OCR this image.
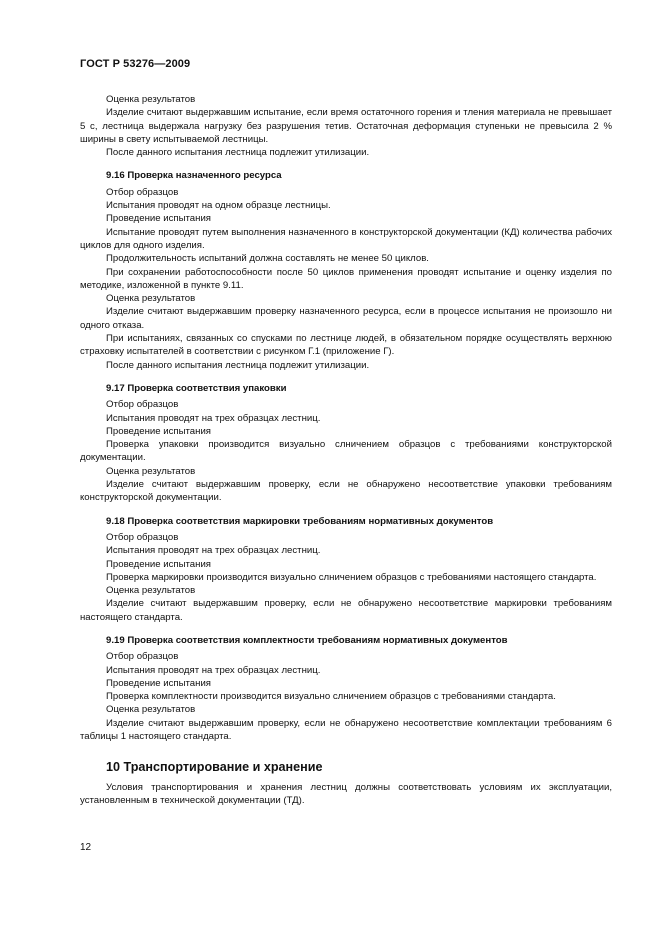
ГОСТ Р 53276—2009

Оценка результатов

Изделие считают выдержавшим испытание, если время остаточного горения и тления материала не превышает 5 с, лестница выдержала нагрузку без разрушения тетив. Остаточная деформация ступеньки не превысила 2 % ширины в свету испытываемой лестницы.

После данного испытания лестница подлежит утилизации.

9.16 Проверка назначенного ресурса

Отбор образцов

Испытания проводят на одном образце лестницы.

Проведение испытания

Испытание проводят путем выполнения назначенного в конструкторской документации (КД) количества рабочих циклов для одного изделия.

Продолжительность испытаний должна составлять не менее 50 циклов.

При сохранении работоспособности после 50 циклов применения проводят испытание и оценку изделия по методике, изложенной в пункте 9.11.

Оценка результатов

Изделие считают выдержавшим проверку назначенного ресурса, если в процессе испытания не произошло ни одного отказа.

При испытаниях, связанных со спусками по лестнице людей, в обязательном порядке осуществлять верхнюю страховку испытателей в соответствии с рисунком Г.1 (приложение Г).

После данного испытания лестница подлежит утилизации.

9.17 Проверка соответствия упаковки

Отбор образцов

Испытания проводят на трех образцах лестниц.

Проведение испытания

Проверка упаковки производится визуально слничением образцов с требованиями конструкторской документации.

Оценка результатов

Изделие считают выдержавшим проверку, если не обнаружено несоответствие упаковки требованиям конструкторской документации.

9.18 Проверка соответствия маркировки требованиям нормативных документов

Отбор образцов

Испытания проводят на трех образцах лестниц.

Проведение испытания

Проверка маркировки производится визуально слничением образцов с требованиями настоящего стандарта.

Оценка результатов

Изделие считают выдержавшим проверку, если не обнаружено несоответствие маркировки требованиям настоящего стандарта.

9.19 Проверка соответствия комплектности требованиям нормативных документов

Отбор образцов

Испытания проводят на трех образцах лестниц.

Проведение испытания

Проверка комплектности производится визуально слничением образцов с требованиями стандарта.

Оценка результатов

Изделие считают выдержавшим проверку, если не обнаружено несоответствие комплектации требованиям 6 таблицы 1 настоящего стандарта.

10 Транспортирование и хранение

Условия транспортирования и хранения лестниц должны соответствовать условиям их эксплуатации, установленным в технической документации (ТД).

12
